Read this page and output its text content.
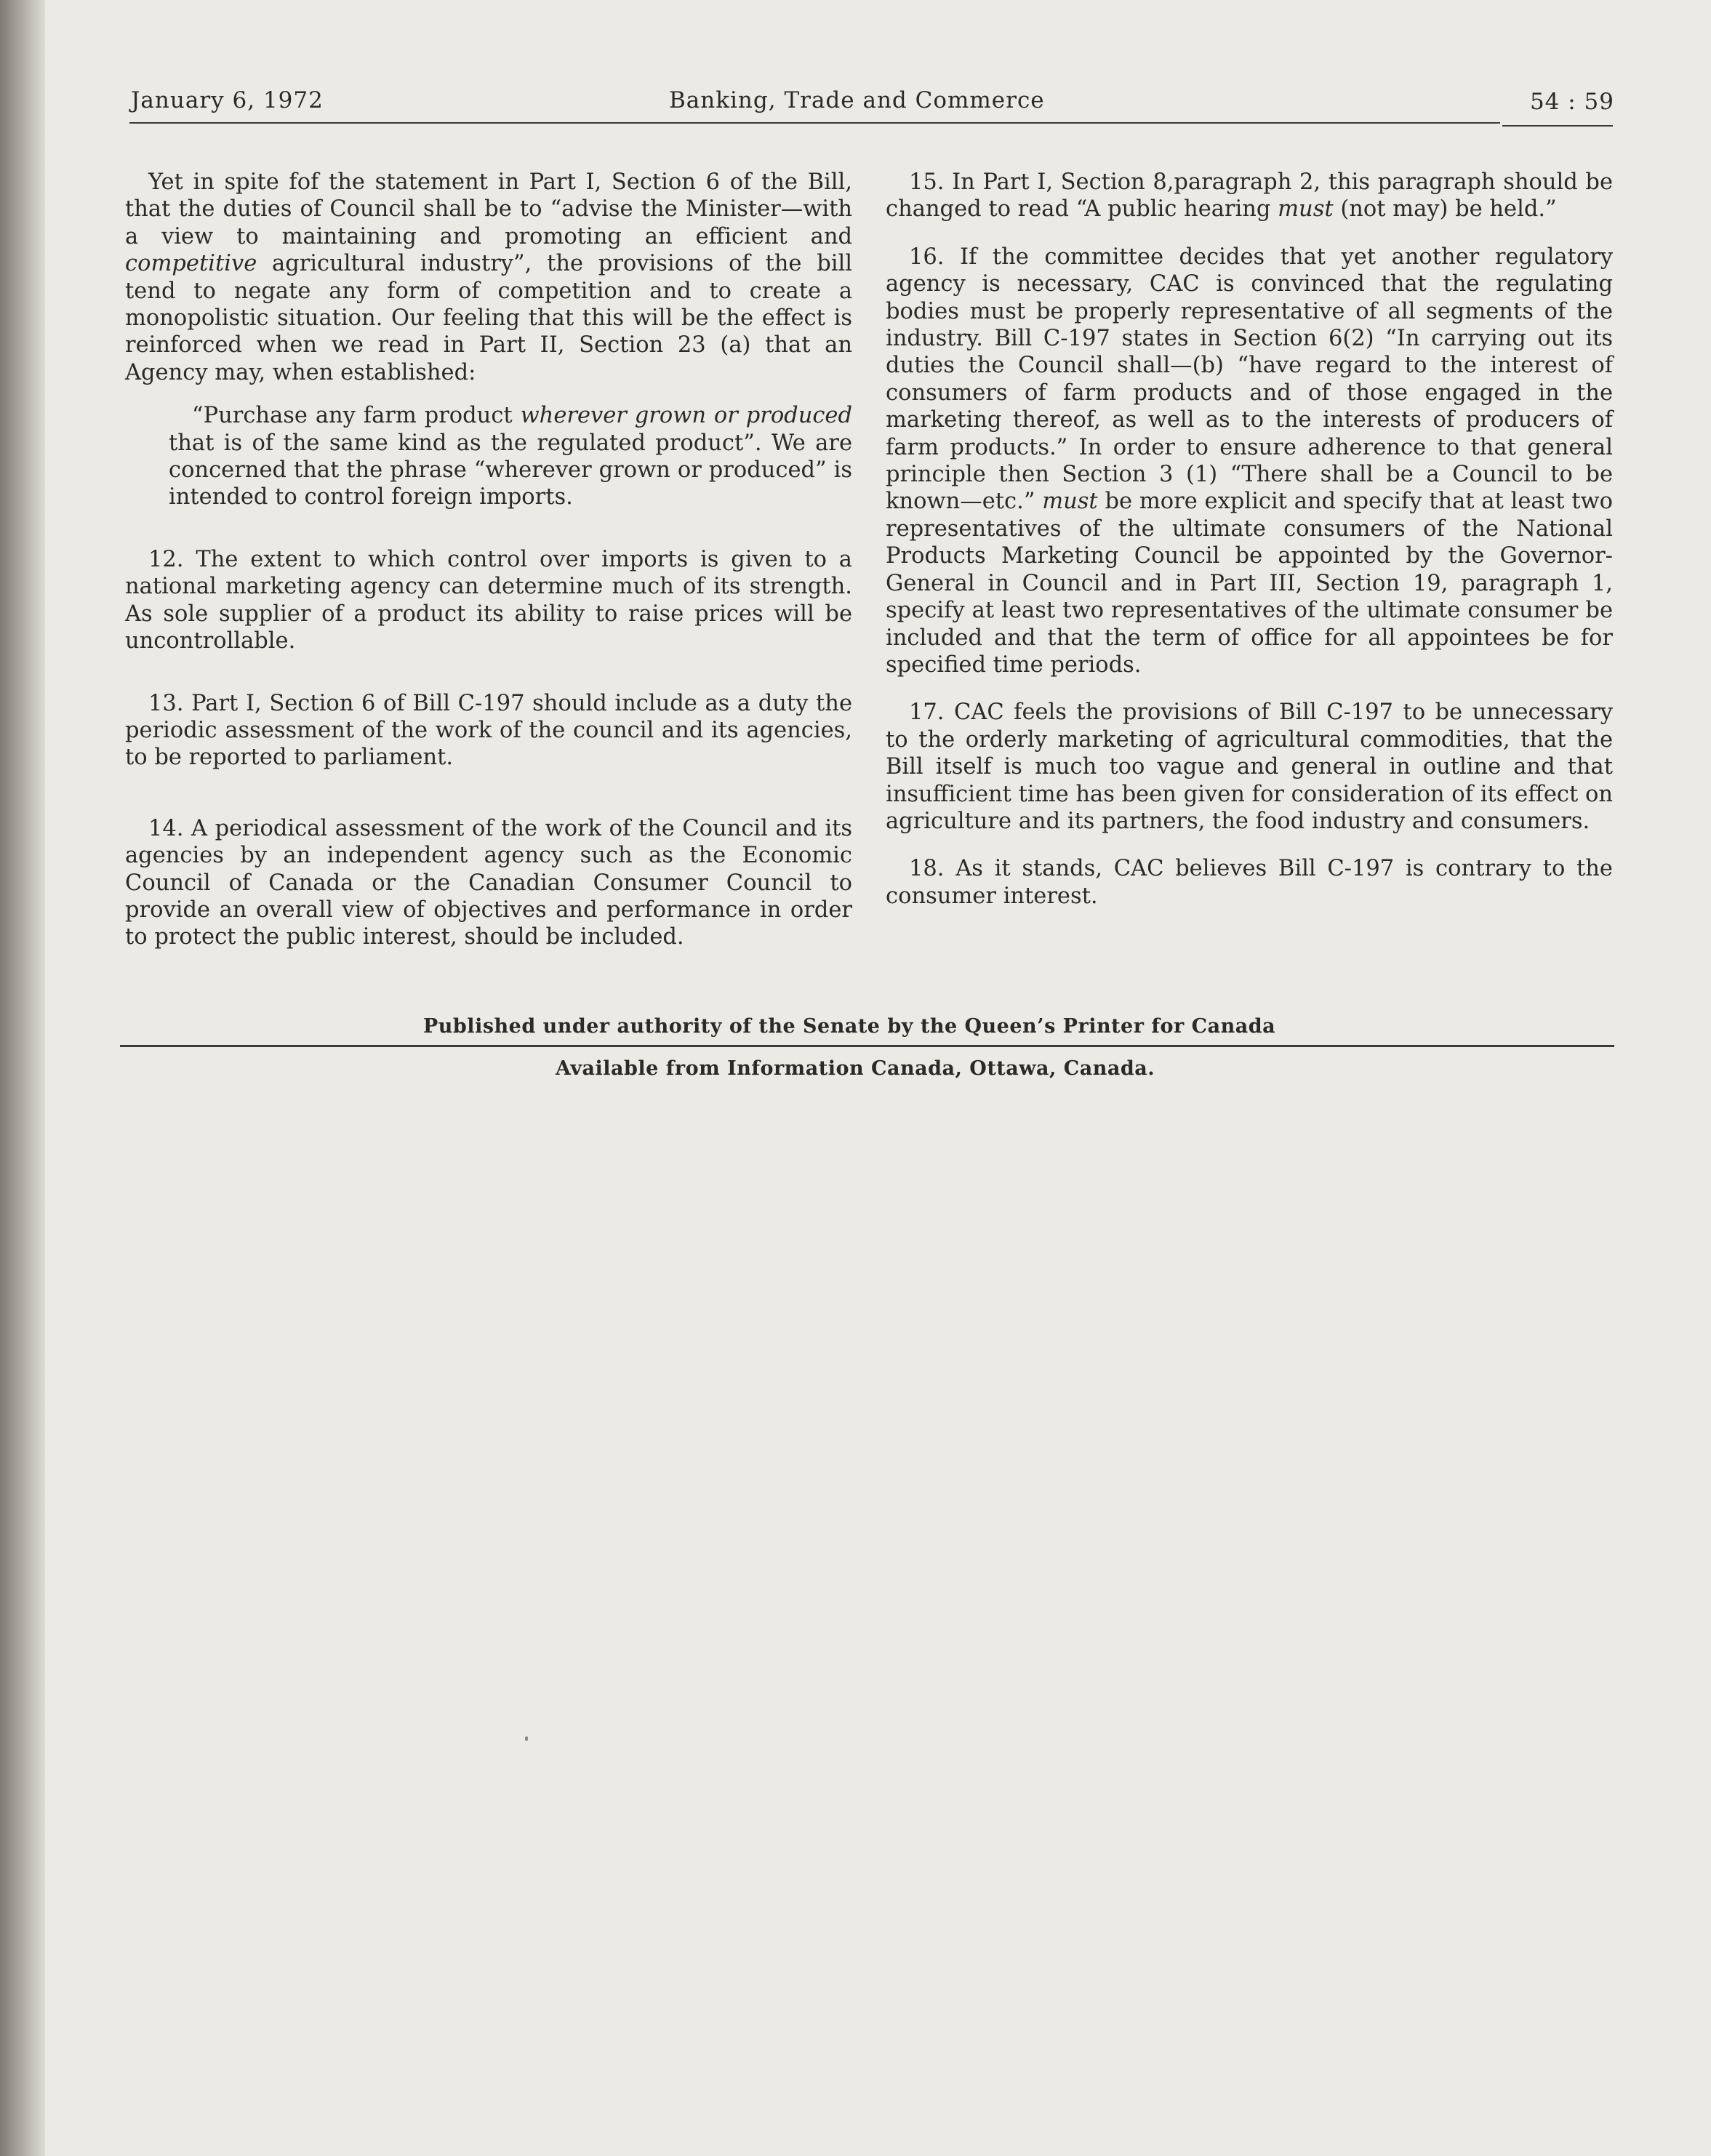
January 6, 1972	Banking, Trade and Commerce	54 : 59

Yet in spite fof the statement in Part I, Section 6 of the Bill, that the duties of Council shall be to “advise the Minister—with a view to maintaining and promoting an efficient and competitive agricultural industry”, the provisions of the bill tend to negate any form of competition and to create a monopolistic situation. Our feeling that this will be the effect is reinforced when we read in Part II, Section 23 (a) that an Agency may, when established:

“Purchase any farm product wherever grown or produced that is of the same kind as the regulated product”. We are concerned that the phrase “wherever grown or produced” is intended to control foreign imports.

12. The extent to which control over imports is given to a national marketing agency can determine much of its strength. As sole supplier of a product its ability to raise prices will be uncontrollable.

13. Part I, Section 6 of Bill C-197 should include as a duty the periodic assessment of the work of the council and its agencies, to be reported to parliament.

14. A periodical assessment of the work of the Council and its agencies by an independent agency such as the Economic Council of Canada or the Canadian Consumer Council to provide an overall view of objectives and performance in order to protect the public interest, should be included.

15. In Part I, Section 8,paragraph 2, this paragraph should be changed to read “A public hearing must (not may) be held.”

16. If the committee decides that yet another regulatory agency is necessary, CAC is convinced that the regulating bodies must be properly representative of all segments of the industry. Bill C-197 states in Section 6(2) “In carrying out its duties the Council shall—(b) “have regard to the interest of consumers of farm products and of those engaged in the marketing thereof, as well as to the interests of producers of farm products.” In order to ensure adherence to that general principle then Section 3 (1) “There shall be a Council to be known—etc.” must be more explicit and specify that at least two representatives of the ultimate consumers of the National Products Marketing Council be appointed by the Governor-General in Council and in Part III, Section 19, paragraph 1, specify at least two representatives of the ultimate consumer be included and that the term of office for all appointees be for specified time periods.

17. CAC feels the provisions of Bill C-197 to be unnecessary to the orderly marketing of agricultural commodities, that the Bill itself is much too vague and general in outline and that insufficient time has been given for consideration of its effect on agriculture and its partners, the food industry and consumers.

18. As it stands, CAC believes Bill C-197 is contrary to the consumer interest.

Published under authority of the Senate by the Queen’s Printer for Canada
Available from Information Canada, Ottawa, Canada.
